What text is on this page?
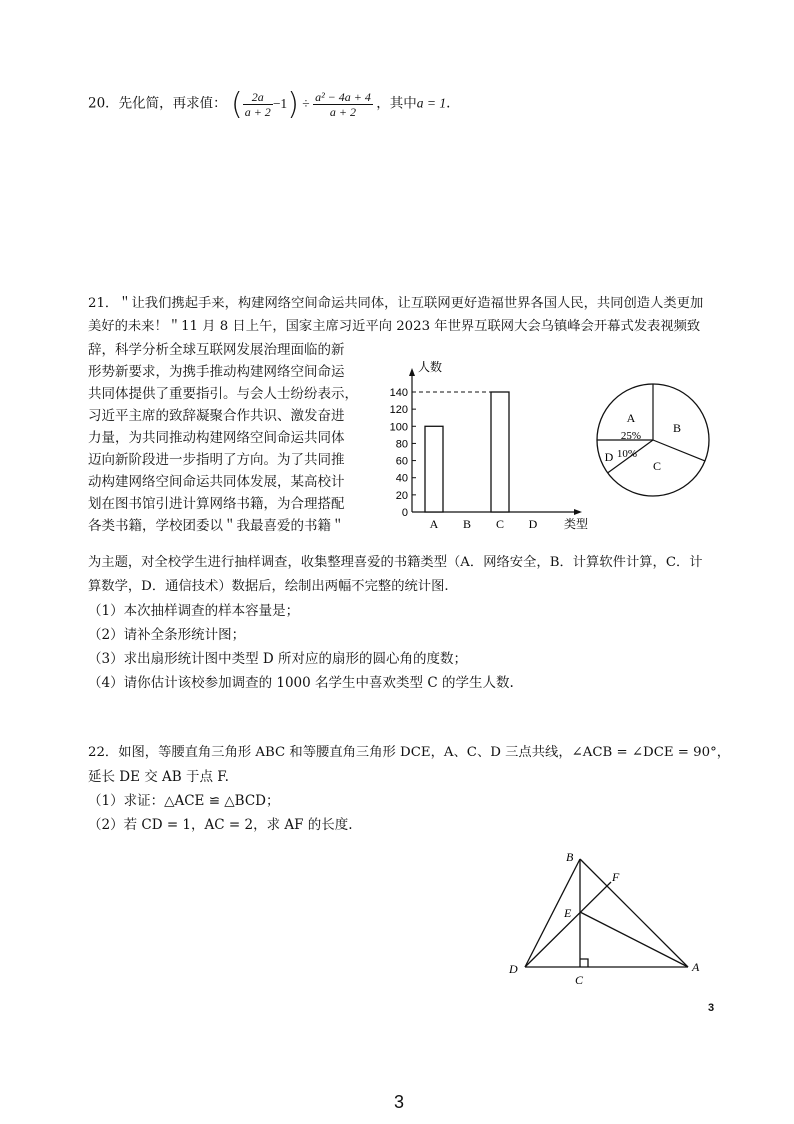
20．先化简，再求值： ( $\frac{2a}{a + 2} -1) \div \frac{\text{a² − 4a + 4}}{a + 2}$ ，其中a = 1.
21．＂让我们携起手来，构建网络空间命运共同体，让互联网更好造福世界各国人民，共同创造人类更加
美好的未来！＂11 月 8 日上午，国家主席习近平向 2023 年世界互联网大会乌镇峰会开幕式发表视频致
辞，科学分析全球互联网发展治理面临的新
形势新要求，为携手推动构建网络空间命运
共同体提供了重要指引。与会人士纷纷表示，
习近平主席的致辞凝聚合作共识、激发奋进
力量，为共同推动构建网络空间命运共同体
迈向新阶段进一步指明了方向。为了共同推
动构建网络空间命运共同体发展，某高校计
划在图书馆引进计算网络书籍，为合理搭配
各类书籍，学校团委以＂我最喜爱的书籍＂
人数
类型
0
20
40
60
80
100
120
140
A B C D
A
B
C
D
25%
10%
为主题，对全校学生进行抽样调查，收集整理喜爱的书籍类型（A．网络安全，B．计算软件计算，C．计
算数学，D．通信技术）数据后，绘制出两幅不完整的统计图.
（1）本次抽样调查的样本容量是；
（2）请补全条形统计图；
（3）求出扇形统计图中类型 D 所对应的扇形的圆心角的度数；
（4）请你估计该校参加调查的 1000 名学生中喜欢类型 C 的学生人数.
22．如图，等腰直角三角形 ABC 和等腰直角三角形 DCE，A、C、D 三点共线，∠ACB = ∠DCE = 90°，
延长 DE 交 AB 于点 F.
（1）求证：△ACE ≌ △BCD；
（2）若 CD = 1，AC = 2，求 AF 的长度.
B
F
E
D
C
A
3
3
